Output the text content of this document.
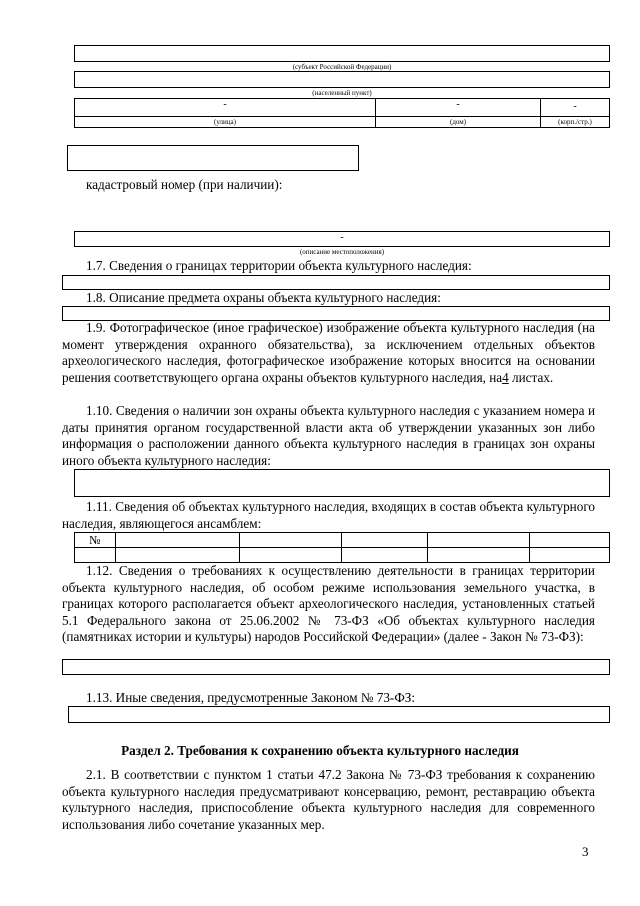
(субъект Российской Федерации)
(населенный пункт)
-	-	-
(улица)	(дом)	(корп./стр.)
кадастровый номер (при наличии):
-
(описание местоположения)
1.7. Сведения о границах территории объекта культурного наследия:
1.8. Описание предмета охраны объекта культурного наследия:
1.9. Фотографическое (иное графическое) изображение объекта культурного наследия (на момент утверждения охранного обязательства), за исключением отдельных объектов археологического наследия, фотографическое изображение которых вносится на основании решения соответствующего органа охраны объектов культурного наследия, на4 листах.
1.10. Сведения о наличии зон охраны объекта культурного наследия с указанием номера и даты принятия органом государственной власти акта об утверждении указанных зон либо информация о расположении данного объекта культурного наследия в границах зон охраны иного объекта культурного наследия:
1.11. Сведения об объектах культурного наследия, входящих в состав объекта культурного наследия, являющегося ансамблем:
№					

1.12. Сведения о требованиях к осуществлению деятельности в границах территории объекта культурного наследия, об особом режиме использования земельного участка, в границах которого располагается объект археологического наследия, установленных статьей 5.1 Федерального закона от 25.06.2002 № 73-ФЗ «Об объектах культурного наследия (памятниках истории и культуры) народов Российской Федерации» (далее - Закон № 73-ФЗ):
1.13. Иные сведения, предусмотренные Законом № 73-ФЗ:
Раздел 2. Требования к сохранению объекта культурного наследия
2.1. В соответствии с пунктом 1 статьи 47.2 Закона № 73-ФЗ требования к сохранению объекта культурного наследия предусматривают консервацию, ремонт, реставрацию объекта культурного наследия, приспособление объекта культурного наследия для современного использования либо сочетание указанных мер.
3
